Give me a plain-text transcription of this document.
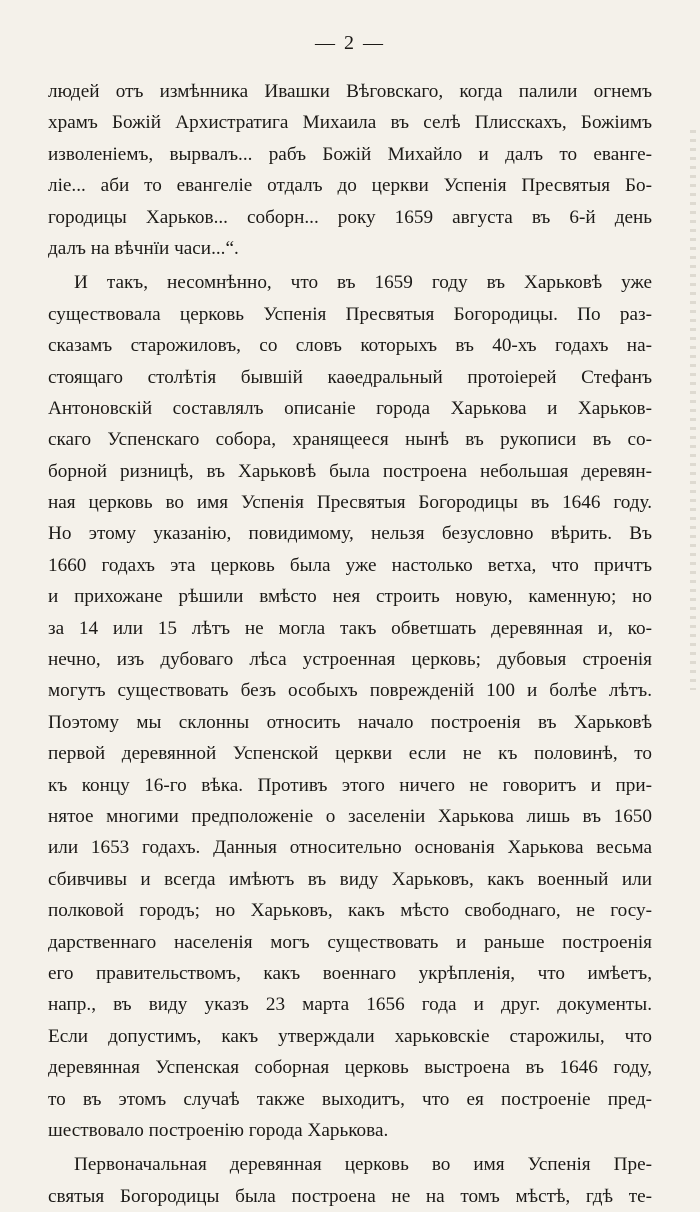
— 2 —
людей отъ измѣнника Ивашки Вѣговскаго, когда палили огнемъ
храмъ Божій Архистратига Михаила въ селѣ Плисскахъ, Божіимъ
изволеніемъ, вырвалъ... рабъ Божій Михайло и далъ то еванге-
ліе... аби то евангеліе отдалъ до церкви Успенія Пресвятыя Бо-
городицы Харьков... соборн... року 1659 августа въ 6-й день
далъ на вѣчнїи часи...“.
И такъ, несомнѣнно, что въ 1659 году въ Харьковѣ уже
существовала церковь Успенія Пресвятыя Богородицы. По раз-
сказамъ старожиловъ, со словъ которыхъ въ 40-хъ годахъ на-
стоящаго столѣтія бывшій каѳедральный протоіерей Стефанъ
Антоновскій составлялъ описаніе города Харькова и Харьков-
скаго Успенскаго собора, хранящееся нынѣ въ рукописи въ со-
борной ризницѣ, въ Харьковѣ была построена небольшая деревян-
ная церковь во имя Успенія Пресвятыя Богородицы въ 1646 году.
Но этому указанію, повидимому, нельзя безусловно вѣрить. Въ
1660 годахъ эта церковь была уже настолько ветха, что причтъ
и прихожане рѣшили вмѣсто нея строить новую, каменную; но
за 14 или 15 лѣтъ не могла такъ обветшать деревянная и, ко-
нечно, изъ дубоваго лѣса устроенная церковь; дубовыя строенія
могутъ существовать безъ особыхъ поврежденій 100 и болѣе лѣтъ.
Поэтому мы склонны относить начало построенія въ Харьковѣ
первой деревянной Успенской церкви если не къ половинѣ, то
къ концу 16-го вѣка. Противъ этого ничего не говоритъ и при-
нятое многими предположеніе о заселеніи Харькова лишь въ 1650
или 1653 годахъ. Данныя относительно основанія Харькова весьма
сбивчивы и всегда имѣютъ въ виду Харьковъ, какъ военный или
полковой городъ; но Харьковъ, какъ мѣсто свободнаго, не госу-
дарственнаго населенія могъ существовать и раньше построенія
его правительствомъ, какъ военнаго укрѣпленія, что имѣетъ,
напр., въ виду указъ 23 марта 1656 года и друг. документы.
Если допустимъ, какъ утверждали харьковскіе старожилы, что
деревянная Успенская соборная церковь выстроена въ 1646 году,
то въ этомъ случаѣ также выходитъ, что ея построеніе пред-
шествовало построенію города Харькова.
Первоначальная деревянная церковь во имя Успенія Пре-
святыя Богородицы была построена не на томъ мѣстѣ, гдѣ те-
